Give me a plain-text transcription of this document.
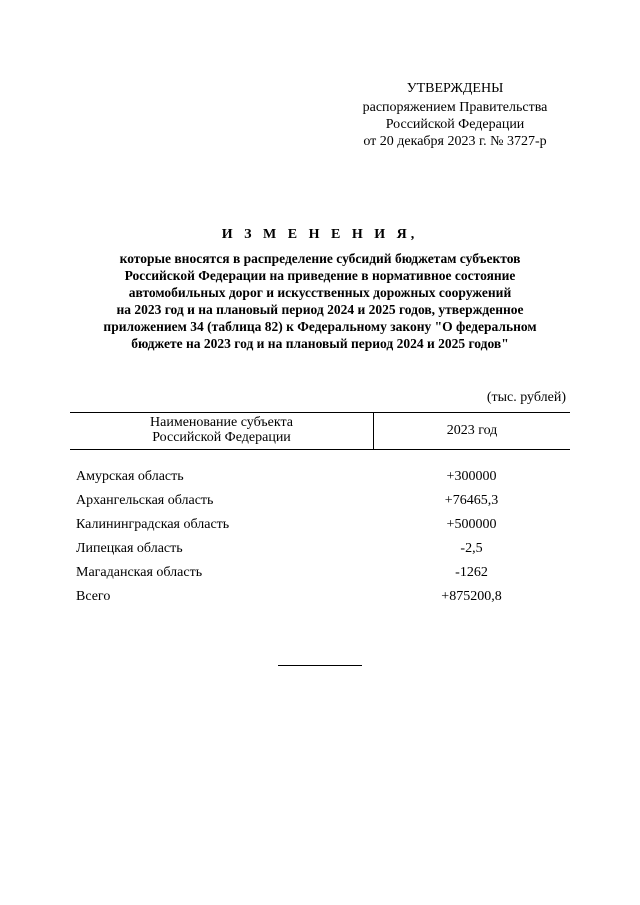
УТВЕРЖДЕНЫ
распоряжением Правительства
Российской Федерации
от 20 декабря 2023 г. № 3727-р
И З М Е Н Е Н И Я,
которые вносятся в распределение субсидий бюджетам субъектов
Российской Федерации на приведение в нормативное состояние
автомобильных дорог и искусственных дорожных сооружений
на 2023 год и на плановый период 2024 и 2025 годов, утвержденное
приложением 34 (таблица 82) к Федеральному закону "О федеральном
бюджете на 2023 год и на плановый период 2024 и 2025 годов"
(тыс. рублей)
Наименование субъекта
Российской Федерации	2023 год
Амурская область	+300000
Архангельская область	+76465,3
Калининградская область	+500000
Липецкая область	-2,5
Магаданская область	-1262
Всего	+875200,8
